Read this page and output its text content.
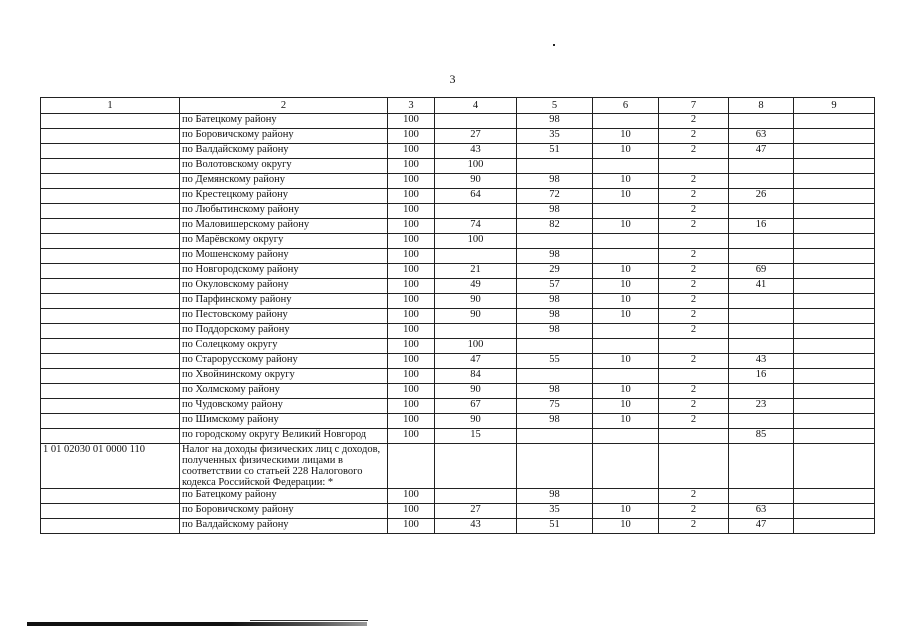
3
1	2	3	4	5	6	7	8	9
	по Батецкому району	100		98		2		
	по Боровичскому району	100	27	35	10	2	63	
	по Валдайскому району	100	43	51	10	2	47	
	по Волотовскому округу	100	100					
	по Демянскому району	100	90	98	10	2		
	по Крестецкому району	100	64	72	10	2	26	
	по Любытинскому району	100		98		2		
	по Маловишерскому району	100	74	82	10	2	16	
	по Марёвскому округу	100	100					
	по Мошенскому району	100		98		2		
	по Новгородскому району	100	21	29	10	2	69	
	по Окуловскому району	100	49	57	10	2	41	
	по Парфинскому району	100	90	98	10	2		
	по Пестовскому району	100	90	98	10	2		
	по Поддорскому району	100		98		2		
	по Солецкому округу	100	100					
	по Старорусскому району	100	47	55	10	2	43	
	по Хвойнинскому округу	100	84				16	
	по Холмскому району	100	90	98	10	2		
	по Чудовскому району	100	67	75	10	2	23	
	по Шимскому району	100	90	98	10	2		
	по городскому округу Великий Новгород	100	15				85	
1 01 02030 01 0000 110	Налог на доходы физических лиц с доходов, полученных физическими лицами в соответствии со статьей 228 Налогового кодекса Российской Федерации: *							
	по Батецкому району	100		98		2		
	по Боровичскому району	100	27	35	10	2	63	
	по Валдайскому району	100	43	51	10	2	47	
